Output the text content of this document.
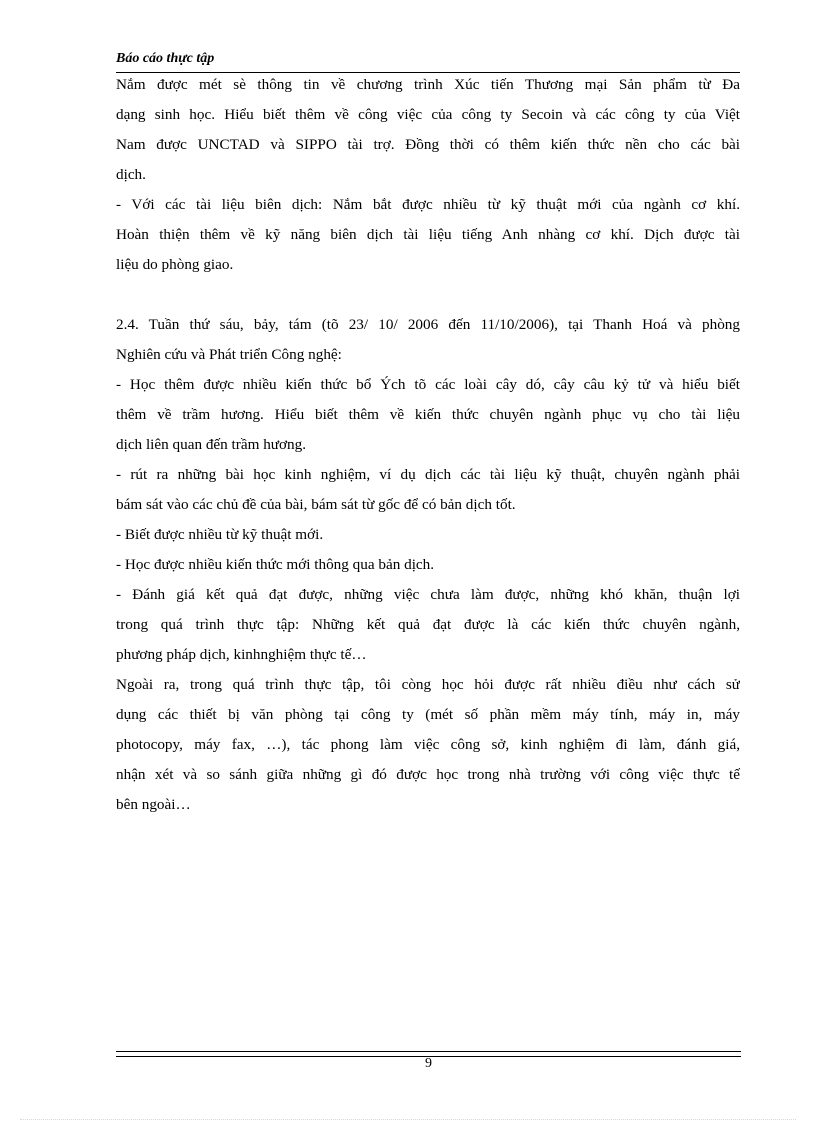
Báo cáo thực tập
Nắm được mét sè thông tin về chương trình Xúc tiến Thương mại Sản phẩm từ Đa
dạng sinh học. Hiểu biết thêm về công việc của công ty Secoin và các công ty của Việt
Nam được UNCTAD và SIPPO tài trợ. Đồng thời có thêm kiến thức nền cho các bài
dịch.
- Với các tài liệu biên dịch: Nắm bắt được nhiều từ kỹ thuật mới của ngành cơ khí.
Hoàn thiện thêm về kỹ năng biên dịch tài liệu tiếng Anh nhàng cơ khí. Dịch được tài
liệu do phòng giao.
2.4. Tuần thứ sáu, bảy, tám (tõ 23/ 10/ 2006 đến 11/10/2006), tại Thanh Hoá và phòng
Nghiên cứu và Phát triển Công nghệ:
- Học thêm được nhiều kiến thức bổ Ých tõ các loài cây dó, cây câu kỷ tử và hiểu biết
thêm về trầm hương. Hiểu biết thêm về kiến thức chuyên ngành phục vụ cho tài liệu
dịch liên quan đến trầm hương.
- rút ra những bài học kinh nghiệm, ví dụ dịch các tài liệu kỹ thuật, chuyên ngành phải
bám sát vào các chủ đề của bài, bám sát từ gốc để có bản dịch tốt.
- Biết được nhiều từ kỹ thuật mới.
- Học được nhiều kiến thức mới thông qua bản dịch.
- Đánh giá kết quả đạt được, những việc chưa làm được, những khó khăn, thuận lợi
trong quá trình thực tập: Những kết quả đạt được là các kiến thức chuyên ngành,
phương pháp dịch, kinhnghiệm thực tế…
Ngoài ra, trong quá trình thực tập, tôi còng học hỏi được rất nhiều điều như cách sử
dụng các thiết bị văn phòng tại công ty (mét số phần mềm máy tính, máy in, máy
photocopy, máy fax, …), tác phong làm việc công sở, kinh nghiệm đi làm, đánh giá,
nhận xét và so sánh giữa những gì đó được học trong nhà trường với công việc thực tế
bên ngoài…
9
